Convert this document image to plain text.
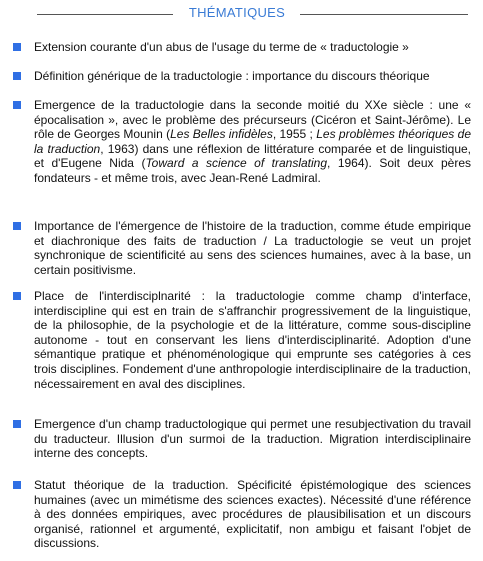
THÉMATIQUES
Extension courante d'un abus de l'usage du terme de « traductologie »
Définition générique de la traductologie : importance du discours théorique
Emergence de la traductologie dans la seconde moitié du XXe siècle : une « épocalisation », avec le problème des précurseurs (Cicéron et Saint-Jérôme). Le rôle de Georges Mounin (Les Belles infidèles, 1955 ; Les problèmes théoriques de la traduction, 1963) dans une réflexion de littérature comparée et de linguistique, et d'Eugene Nida (Toward a science of translating, 1964). Soit deux pères fondateurs - et même trois, avec Jean-René Ladmiral.
Importance de l'émergence de l'histoire de la traduction, comme étude empirique et diachronique des faits de traduction / La traductologie se veut un projet synchronique de scientificité au sens des sciences humaines, avec à la base, un certain positivisme.
Place de l'interdisciplnarité : la traductologie comme champ d'interface, interdiscipline qui est en train de s'affranchir progressivement de la linguistique, de la philosophie, de la psychologie et de la littérature, comme sous-discipline autonome - tout en conservant les liens d'interdisciplinarité. Adoption d'une sémantique pratique et phénoménologique qui emprunte ses catégories à ces trois disciplines. Fondement d'une anthropologie interdisciplinaire de la traduction, nécessairement en aval des disciplines.
Emergence d'un champ traductologique qui permet une resubjectivation du travail du traducteur. Illusion d'un surmoi de la traduction. Migration interdisciplinaire interne des concepts.
Statut théorique de la traduction. Spécificité épistémologique des sciences humaines (avec un mimétisme des sciences exactes). Nécessité d'une référence à des données empiriques, avec procédures de plausibilisation et un discours organisé, rationnel et argumenté, explicitatif, non ambigu et faisant l'objet de discussions.
